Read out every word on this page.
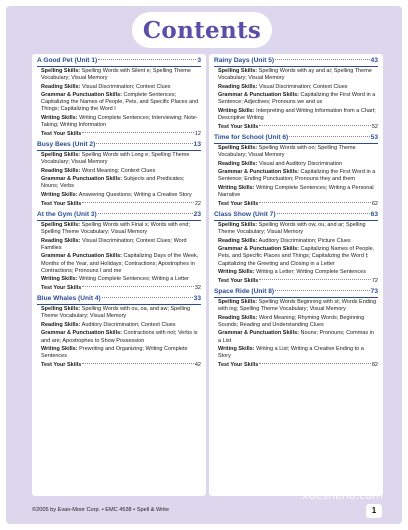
Contents
A Good Pet (Unit 1)	3
Spelling Skills: Spelling Words with Silent e; Spelling Theme Vocabulary; Visual Memory
Reading Skills: Visual Discrimination; Context Clues
Grammar & Punctuation Skills: Complete Sentences; Capitalizing the Names of People, Pets, and Specific Places and Things; Capitalizing the Word I
Writing Skills: Writing Complete Sentences; Interviewing; Note-Taking; Writing Information
Test Your Skills	12
Busy Bees (Unit 2)	13
Spelling Skills: Spelling Words with Long e; Spelling Theme Vocabulary; Visual Memory
Reading Skills: Word Meaning; Context Clues
Grammar & Punctuation Skills: Subjects and Predicates; Nouns; Verbs
Writing Skills: Answering Questions; Writing a Creative Story
Test Your Skills	22
At the Gym (Unit 3)	23
Spelling Skills: Spelling Words with Final s; Words with end; Spelling Theme Vocabulary; Visual Memory
Reading Skills: Visual Discrimination; Context Clues; Word Families
Grammar & Punctuation Skills: Capitalizing Days of the Week, Months of the Year, and Holidays; Contractions; Apostrophes in Contractions; Pronouns I and me
Writing Skills: Writing Complete Sentences; Writing a Letter
Test Your Skills	32
Blue Whales (Unit 4)	33
Spelling Skills: Spelling Words with ou, oa, and aw; Spelling Theme Vocabulary; Visual Memory
Reading Skills: Auditory Discrimination; Context Clues
Grammar & Punctuation Skills: Contractions with not; Verbs is and are; Apostrophes to Show Possession
Writing Skills: Prewriting and Organizing; Writing Complete Sentences
Test Your Skills	42
Rainy Days (Unit 5)	43
Spelling Skills: Spelling Words with ay and ai; Spelling Theme Vocabulary; Visual Memory
Reading Skills: Visual Discrimination; Context Clues
Grammar & Punctuation Skills: Capitalizing the First Word in a Sentence; Adjectives; Pronouns we and us
Writing Skills: Interpreting and Writing Information from a Chart; Descriptive Writing
Test Your Skills	52
Time for School (Unit 6)	53
Spelling Skills: Spelling Words with oo; Spelling Theme Vocabulary; Visual Memory
Reading Skills: Visual and Auditory Discrimination
Grammar & Punctuation Skills: Capitalizing the First Word in a Sentence; Ending Punctuation; Pronouns they and them
Writing Skills: Writing Complete Sentences; Writing a Personal Narrative
Test Your Skills	62
Class Show (Unit 7)	63
Spelling Skills: Spelling Words with ow, ou, and ar; Spelling Theme Vocabulary; Visual Memory
Reading Skills: Auditory Discrimination; Picture Clues
Grammar & Punctuation Skills: Capitalizing Names of People, Pets, and Specific Places and Things; Capitalizing the Word I; Capitalizing the Greeting and Closing in a Letter
Writing Skills: Writing a Letter; Writing Complete Sentences
Test Your Skills	72
Space Ride (Unit 8)	73
Spelling Skills: Spelling Words Beginning with st; Words Ending with ing; Spelling Theme Vocabulary; Visual Memory
Reading Skills: Word Meaning; Rhyming Words; Beginning Sounds; Reading and Understanding Clues
Grammar & Punctuation Skills: Nouns; Pronouns; Commas in a List
Writing Skills: Writing a List; Writing a Creative Ending to a Story
Test Your Skills	82
xueshen8.com
©2005 by Evan-Moor Corp. • EMC 4538 • Spell & Write	1
